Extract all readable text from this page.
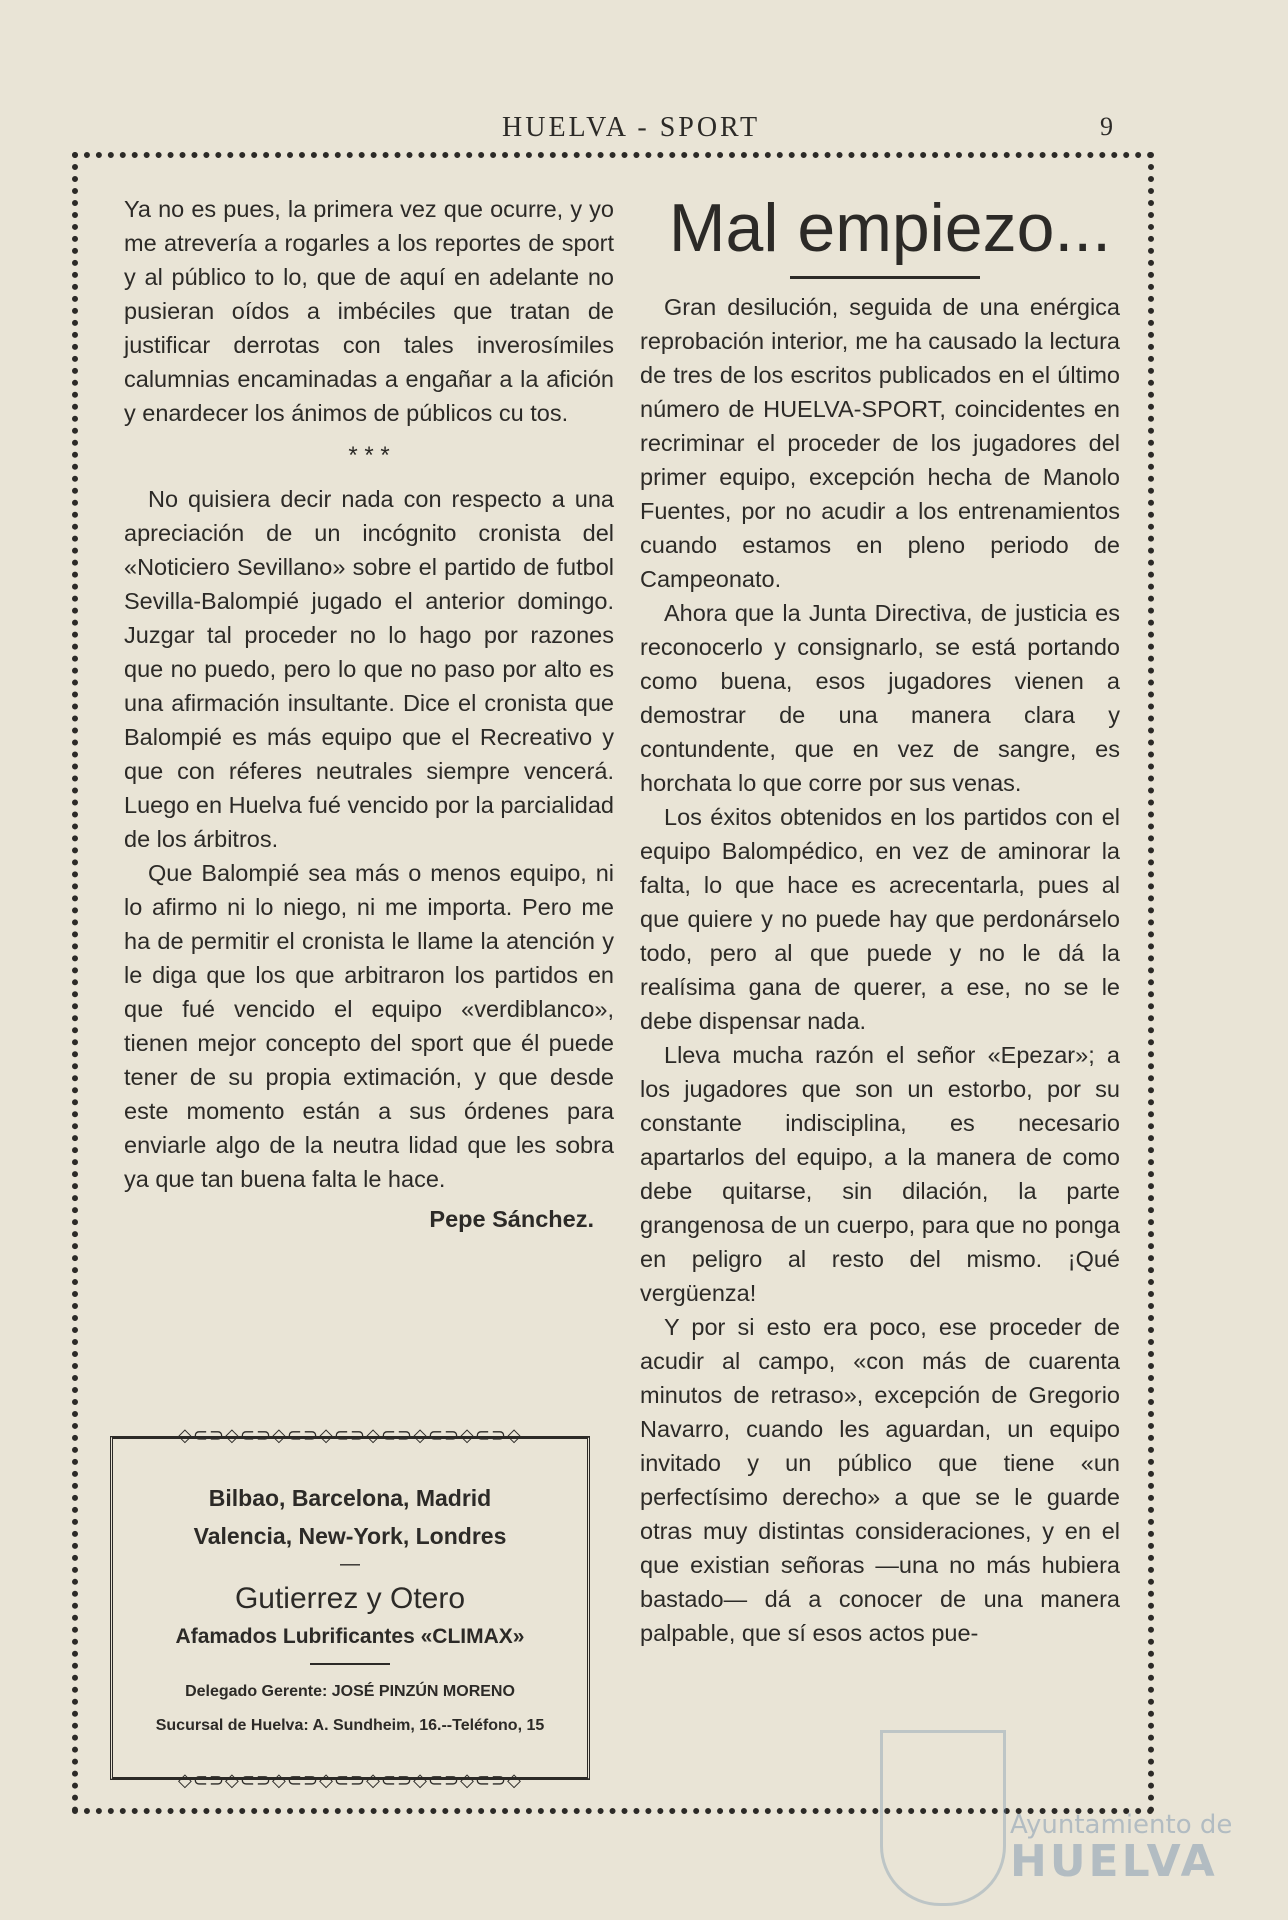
HUELVA - SPORT	9

Ya no es pues, la primera vez que ocurre, y yo me atrevería a rogarles a los reportes de sport y al público to lo, que de aquí en adelante no pusieran oídos a imbéciles que tratan de justificar derrotas con tales inverosímiles calumnias encaminadas a engañar a la afición y enardecer los ánimos de públicos cu tos.

* * *

No quisiera decir nada con respecto a una apreciación de un incógnito cronista del «Noticiero Sevillano» sobre el partido de futbol Sevilla-Balompié jugado el anterior domingo. Juzgar tal proceder no lo hago por razones que no puedo, pero lo que no paso por alto es una afirmación insultante. Dice el cronista que Balompié es más equipo que el Recreativo y que con réferes neutrales siempre vencerá. Luego en Huelva fué vencido por la parcialidad de los árbitros.

Que Balompié sea más o menos equipo, ni lo afirmo ni lo niego, ni me importa. Pero me ha de permitir el cronista le llame la atención y le diga que los que arbitraron los partidos en que fué vencido el equipo «verdiblanco», tienen mejor concepto del sport que él puede tener de su propia extimación, y que desde este momento están a sus órdenes para enviarle algo de la neutra lidad que les sobra ya que tan buena falta le hace.

Pepe Sánchez.
◇⊂⊃◇⊂⊃◇⊂⊃◇⊂⊃◇⊂⊃◇⊂⊃◇⊂⊃◇
Bilbao, Barcelona, Madrid
Valencia, New-York, Londres
—
Gutierrez y Otero
Afamados Lubrificantes «CLIMAX»
Delegado Gerente: JOSÉ PINZÚN MORENO
Sucursal de Huelva: A. Sundheim, 16.--Teléfono, 15
◇⊂⊃◇⊂⊃◇⊂⊃◇⊂⊃◇⊂⊃◇⊂⊃◇⊂⊃◇
Mal empiezo...

Gran desilución, seguida de una enérgica reprobación interior, me ha causado la lectura de tres de los escritos publicados en el último número de HUELVA-SPORT, coincidentes en recriminar el proceder de los jugadores del primer equipo, excepción hecha de Manolo Fuentes, por no acudir a los entrenamientos cuando estamos en pleno periodo de Campeonato.

Ahora que la Junta Directiva, de justicia es reconocerlo y consignarlo, se está portando como buena, esos jugadores vienen a demostrar de una manera clara y contundente, que en vez de sangre, es horchata lo que corre por sus venas.

Los éxitos obtenidos en los partidos con el equipo Balompédico, en vez de aminorar la falta, lo que hace es acrecentarla, pues al que quiere y no puede hay que perdonárselo todo, pero al que puede y no le dá la realísima gana de querer, a ese, no se le debe dispensar nada.

Lleva mucha razón el señor «Epezar»; a los jugadores que son un estorbo, por su constante indisciplina, es necesario apartarlos del equipo, a la manera de como debe quitarse, sin dilación, la parte grangenosa de un cuerpo, para que no ponga en peligro al resto del mismo. ¡Qué vergüenza!

Y por si esto era poco, ese proceder de acudir al campo, «con más de cuarenta minutos de retraso», excepción de Gregorio Navarro, cuando les aguardan, un equipo invitado y un público que tiene «un perfectísimo derecho» a que se le guarde otras muy distintas consideraciones, y en el que existian señoras —una no más hubiera bastado— dá a conocer de una manera palpable, que sí esos actos pue-

Ayuntamiento de
HUELVA
